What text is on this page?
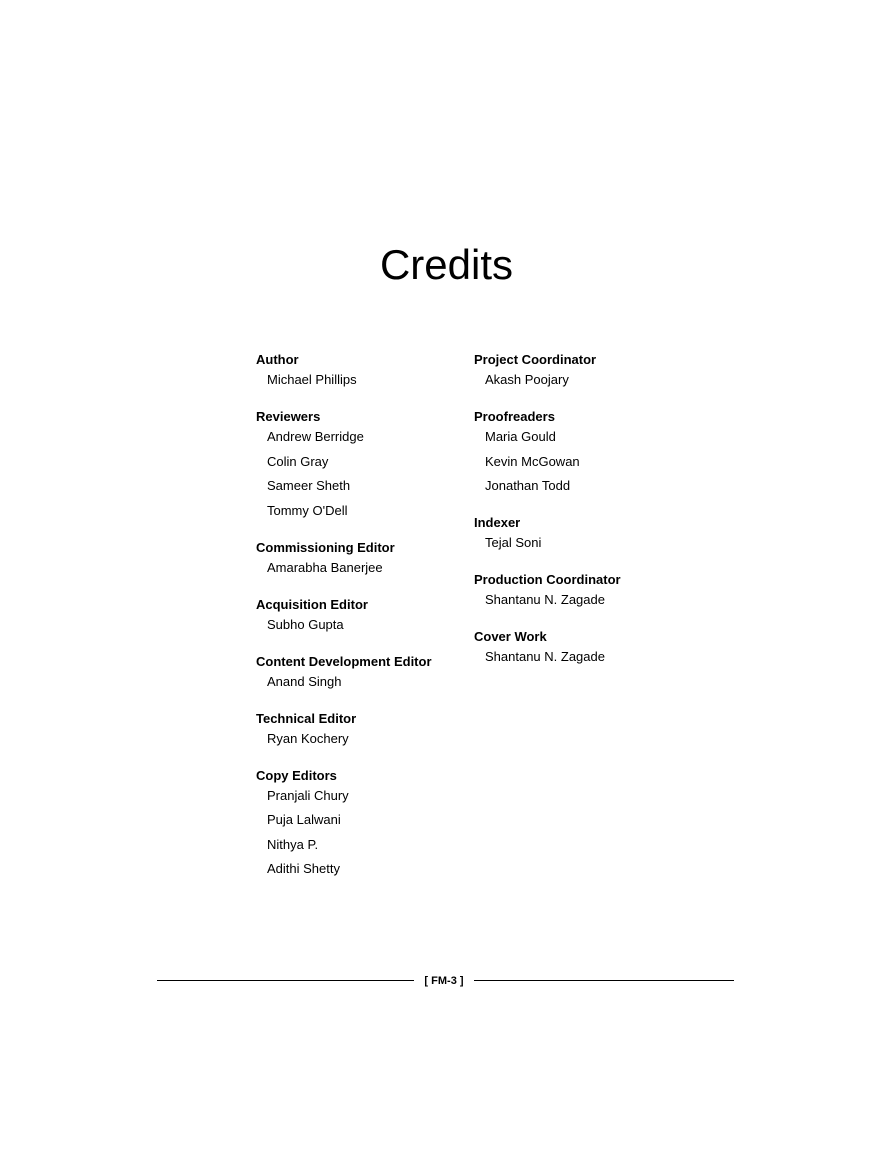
Credits
Author
Michael Phillips
Reviewers
Andrew Berridge
Colin Gray
Sameer Sheth
Tommy O'Dell
Commissioning Editor
Amarabha Banerjee
Acquisition Editor
Subho Gupta
Content Development Editor
Anand Singh
Technical Editor
Ryan Kochery
Copy Editors
Pranjali Chury
Puja Lalwani
Nithya P.
Adithi Shetty
Project Coordinator
Akash Poojary
Proofreaders
Maria Gould
Kevin McGowan
Jonathan Todd
Indexer
Tejal Soni
Production Coordinator
Shantanu N. Zagade
Cover Work
Shantanu N. Zagade
[ FM-3 ]
